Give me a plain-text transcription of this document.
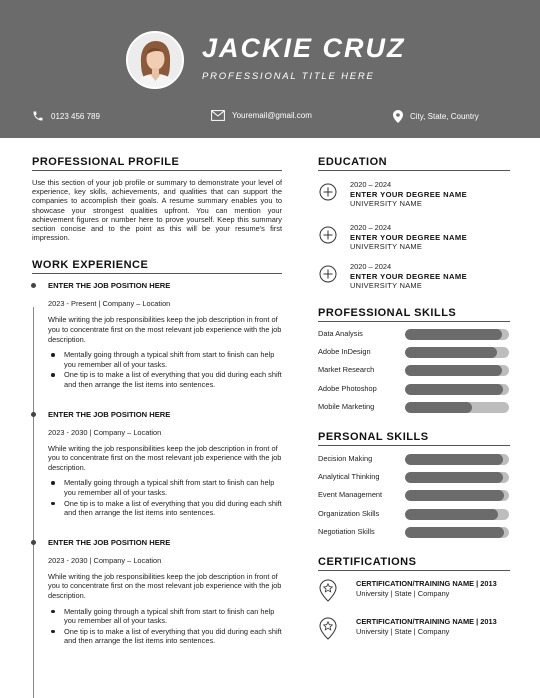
JACKIE CRUZ
PROFESSIONAL TITLE HERE
0123 456 789	Youremail@gmail.com	City, State, Country
PROFESSIONAL PROFILE
Use this section of your job profile or summary to demonstrate your level of experience, key skills, achievements, and qualities that can support the companies to accomplish their goals. A resume summary enables you to showcase your strongest qualities upfront. You can mention your achievement figures or number here to prove yourself. Keep this summary section concise and to the point as this will be your resume's first impression.
WORK EXPERIENCE
ENTER THE JOB POSITION HERE
2023 - Present | Company – Location
While writing the job responsibilities keep the job description in front of you to concentrate first on the most relevant job experience with the job description.
Mentally going through a typical shift from start to finish can help you remember all of your tasks.
One tip is to make a list of everything that you did during each shift and then arrange the list items into sentences.
ENTER THE JOB POSITION HERE
2023 - 2030 | Company – Location
While writing the job responsibilities keep the job description in front of you to concentrate first on the most relevant job experience with the job description.
Mentally going through a typical shift from start to finish can help you remember all of your tasks.
One tip is to make a list of everything that you did during each shift and then arrange the list items into sentences.
ENTER THE JOB POSITION HERE
2023 - 2030 | Company – Location
While writing the job responsibilities keep the job description in front of you to concentrate first on the most relevant job experience with the job description.
Mentally going through a typical shift from start to finish can help you remember all of your tasks.
One tip is to make a list of everything that you did during each shift and then arrange the list items into sentences.
EDUCATION
2020 – 2024
ENTER YOUR DEGREE NAME
UNIVERSITY NAME
2020 – 2024
ENTER YOUR DEGREE NAME
UNIVERSITY NAME
2020 – 2024
ENTER YOUR DEGREE NAME
UNIVERSITY NAME
PROFESSIONAL SKILLS
Data Analysis
Adobe InDesign
Market Research
Adobe Photoshop
Mobile Marketing
PERSONAL SKILLS
Decision Making
Analytical Thinking
Event Management
Organization Skills
Negotiation Skills
CERTIFICATIONS
CERTIFICATION/TRAINING NAME | 2013
University | State | Company
CERTIFICATION/TRAINING NAME | 2013
University | State | Company
